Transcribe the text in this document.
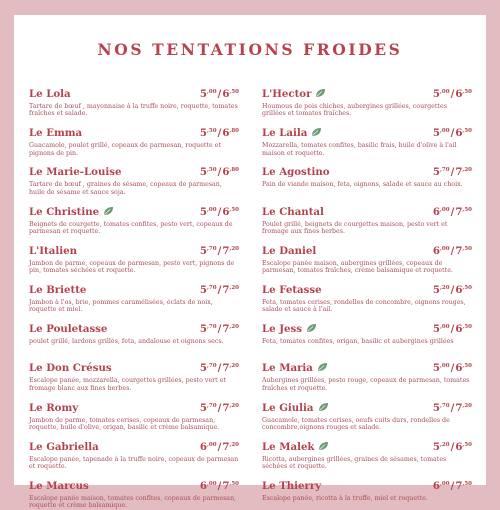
NOS TENTATIONS FROIDES
Le Lola	$5^{,00}/6^{,50}$
Tartare de bœuf , mayonnaise à la truffe noire, roquette, tomates fraîches et salade.
Le Emma	$5^{,50}/6^{,80}$
Guacamole, poulet grillé, copeaux de parmesan, roquette et pignons de pin.
Le Marie-Louise	$5^{,50}/6^{,80}$
Tartare de bœuf , graines de sésame, copeaux de parmesan, huile de sésame et sauce soja.
Le Christine	$5^{,00}/6^{,50}$
Beignets de courgette, tomates confites, pesto vert, copeaux de parmesan et roquette.
L'Italien	$5^{,70}/7^{,20}$
Jambon de parme, copeaux de parmesan, pesto vert, pignons de pin, tomates séchées et roquette.
Le Briette	$5^{,70}/7^{,20}$
Jambon à l'os, brie, pommes caramélisées, éclats de noix, roquette et miel.
Le Pouletasse	$5^{,70}/7^{,20}$
poulet grillé, lardons grillés, feta, andalouse et oignons secs.
Le Don Crésus	$5^{,70}/7^{,20}$
Escalope panée, mozzarella, courgettes grillées, pesto vert et fromage blanc aux fines herbes.
Le Romy	$5^{,70}/7^{,20}$
Jambon de parme, tomates cerises, copeaux de parmesan, roquette, huile d'olive, origan, basilic et crème balsamique.
Le Gabriella	$6^{,00}/7^{,20}$
Escalope panée, tapenade à la truffe noire, copeaux de parmesan et roquette.
Le Marcus	$6^{,00}/7^{,50}$
Escalope panée maison, tomates confites, copeaux de parmesan, roquette et crème balsamique.
L'Hector	$5^{,00}/6^{,50}$
Houmous de pois chiches, aubergines grillées, courgettes grillées et tomates fraîches.
Le Laila	$5^{,00}/6^{,50}$
Mozzarella, tomates confites, basilic frais, huile d'olive à l'ail maison et roquette.
Le Agostino	$5^{,70}/7^{,20}$
Pain de viande maison, feta, oignons, salade et sauce au choix.
Le Chantal	$6^{,00}/7^{,50}$
Poulet grillé, beignets de courgettes maison, pesto vert et fromage aux fines herbes.
Le Daniel	$6^{,00}/7^{,50}$
Escalope panée maison, aubergines grillées, copeaux de parmesan, tomates fraîches, crème balsamique et roquette.
Le Fetasse	$5^{,20}/6^{,50}$
Feta, tomates cerises, rondelles de concombre, oignons rouges, salade et sauce à l'ail.
Le Jess	$5^{,00}/6^{,50}$
Feta, tomates confites, origan, basilic et aubergines grillées
Le Maria	$5^{,00}/6^{,50}$
Aubergines grillées, pesto rouge, copeaux de parmesan, tomates fraîches et roquette.
Le Giulia	$5^{,70}/7^{,20}$
Guacamole, tomates cerises, oeufs cuits durs, rondelles de concombre,oignons rouges et salade.
Le Malek	$5^{,20}/6^{,50}$
Ricotta, aubergines grillées, graines de sésames, tomates séchées et roquette.
Le Thierry	$6^{,00}/7^{,50}$
Escalope panée, ricotta à la truffe, miel et roquette.
